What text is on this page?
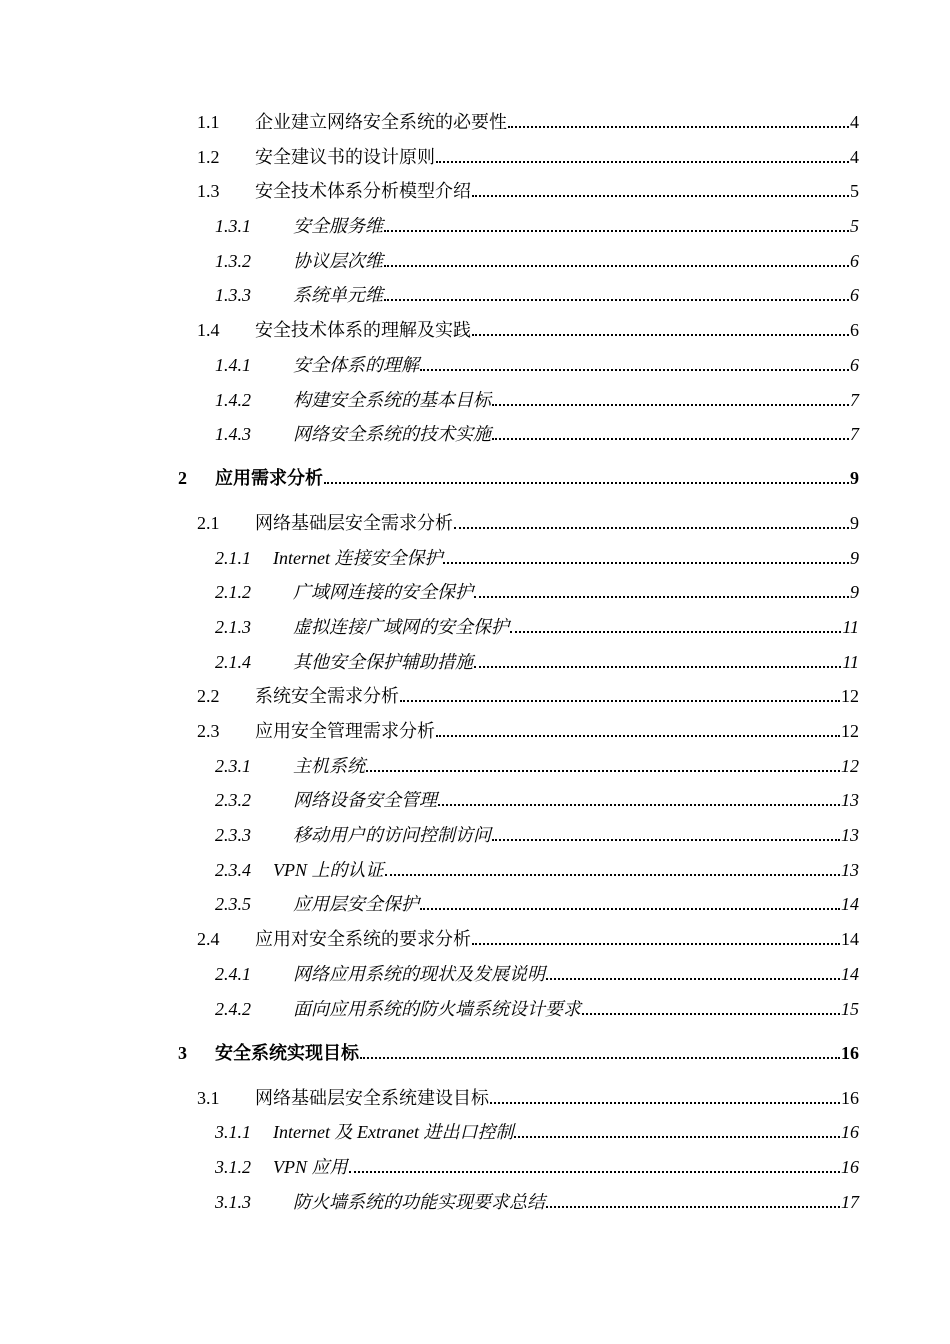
1.1	企业建立网络安全系统的必要性	4
1.2	安全建议书的设计原则	4
1.3	安全技术体系分析模型介绍	5
1.3.1	安全服务维	5
1.3.2	协议层次维	6
1.3.3	系统单元维	6
1.4	安全技术体系的理解及实践	6
1.4.1	安全体系的理解	6
1.4.2	构建安全系统的基本目标	7
1.4.3	网络安全系统的技术实施	7
2	应用需求分析	9
2.1	网络基础层安全需求分析	9
2.1.1	Internet 连接安全保护	9
2.1.2	广域网连接的安全保护	9
2.1.3	虚拟连接广域网的安全保护	11
2.1.4	其他安全保护辅助措施	11
2.2	系统安全需求分析	12
2.3	应用安全管理需求分析	12
2.3.1	主机系统	12
2.3.2	网络设备安全管理	13
2.3.3	移动用户的访问控制访问	13
2.3.4	VPN 上的认证	13
2.3.5	应用层安全保护	14
2.4	应用对安全系统的要求分析	14
2.4.1	网络应用系统的现状及发展说明	14
2.4.2	面向应用系统的防火墙系统设计要求	15
3	安全系统实现目标	16
3.1	网络基础层安全系统建设目标	16
3.1.1	Internet 及 Extranet 进出口控制	16
3.1.2	VPN 应用	16
3.1.3	防火墙系统的功能实现要求总结	17
